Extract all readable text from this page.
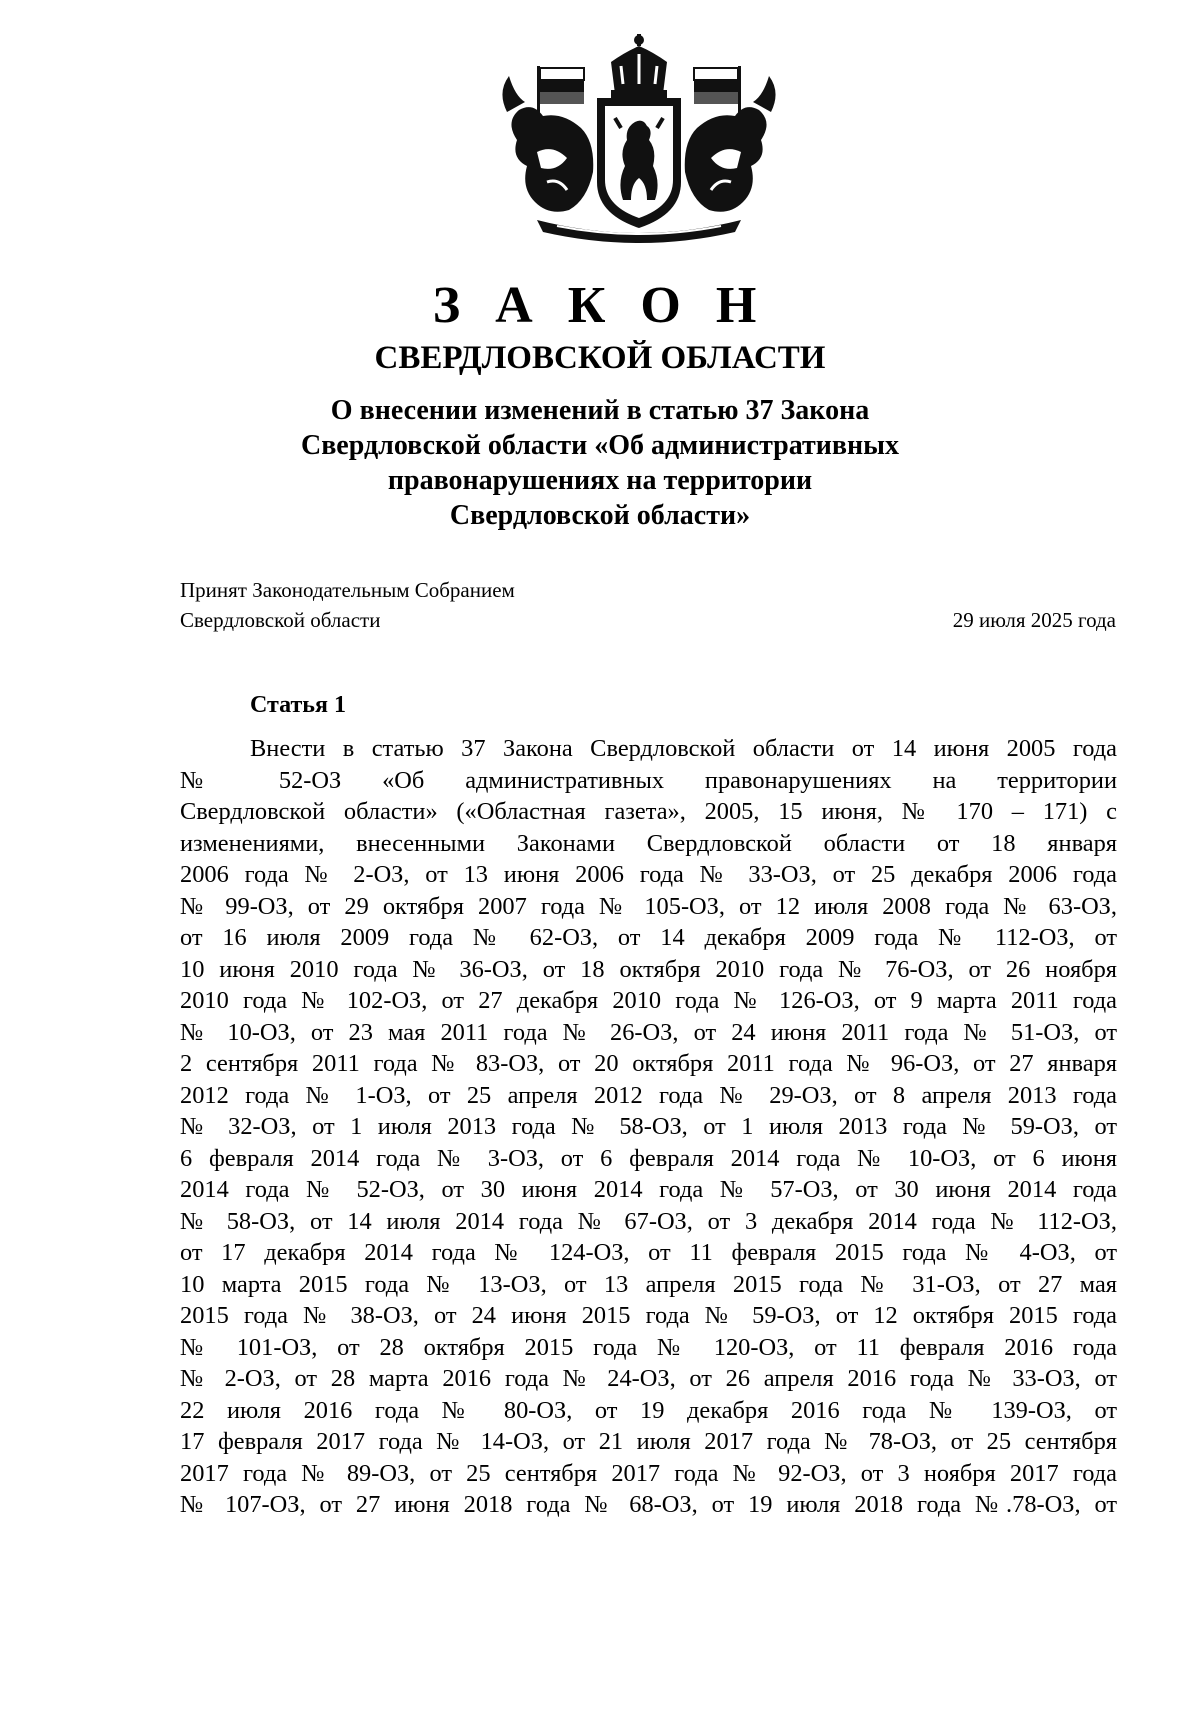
З А К О Н
СВЕРДЛОВСКОЙ ОБЛАСТИ
О внесении изменений в статью 37 Закона
Свердловской области «Об административных
правонарушениях на территории
Свердловской области»
Принят Законодательным Собранием
Свердловской области	29 июля 2025 года
Статья 1
Внести в статью 37 Закона Свердловской области от 14 июня 2005 года
№ 52-ОЗ «Об административных правонарушениях на территории
Свердловской области» («Областная газета», 2005, 15 июня, № 170 – 171) с
изменениями, внесенными Законами Свердловской области от 18 января
2006 года № 2-ОЗ, от 13 июня 2006 года № 33-ОЗ, от 25 декабря 2006 года
№ 99-ОЗ, от 29 октября 2007 года № 105-ОЗ, от 12 июля 2008 года № 63-ОЗ,
от 16 июля 2009 года № 62-ОЗ, от 14 декабря 2009 года № 112-ОЗ, от
10 июня 2010 года № 36-ОЗ, от 18 октября 2010 года № 76-ОЗ, от 26 ноября
2010 года № 102-ОЗ, от 27 декабря 2010 года № 126-ОЗ, от 9 марта 2011 года
№ 10-ОЗ, от 23 мая 2011 года № 26-ОЗ, от 24 июня 2011 года № 51-ОЗ, от
2 сентября 2011 года № 83-ОЗ, от 20 октября 2011 года № 96-ОЗ, от 27 января
2012 года № 1-ОЗ, от 25 апреля 2012 года № 29-ОЗ, от 8 апреля 2013 года
№ 32-ОЗ, от 1 июля 2013 года № 58-ОЗ, от 1 июля 2013 года № 59-ОЗ, от
6 февраля 2014 года № 3-ОЗ, от 6 февраля 2014 года № 10-ОЗ, от 6 июня
2014 года № 52-ОЗ, от 30 июня 2014 года № 57-ОЗ, от 30 июня 2014 года
№ 58-ОЗ, от 14 июля 2014 года № 67-ОЗ, от 3 декабря 2014 года № 112-ОЗ,
от 17 декабря 2014 года № 124-ОЗ, от 11 февраля 2015 года № 4-ОЗ, от
10 марта 2015 года № 13-ОЗ, от 13 апреля 2015 года № 31-ОЗ, от 27 мая
2015 года № 38-ОЗ, от 24 июня 2015 года № 59-ОЗ, от 12 октября 2015 года
№ 101-ОЗ, от 28 октября 2015 года № 120-ОЗ, от 11 февраля 2016 года
№ 2-ОЗ, от 28 марта 2016 года № 24-ОЗ, от 26 апреля 2016 года № 33-ОЗ, от
22 июля 2016 года № 80-ОЗ, от 19 декабря 2016 года № 139-ОЗ, от
17 февраля 2017 года № 14-ОЗ, от 21 июля 2017 года № 78-ОЗ, от 25 сентября
2017 года № 89-ОЗ, от 25 сентября 2017 года № 92-ОЗ, от 3 ноября 2017 года
№ 107-ОЗ, от 27 июня 2018 года № 68-ОЗ, от 19 июля 2018 года №.78-ОЗ, от
